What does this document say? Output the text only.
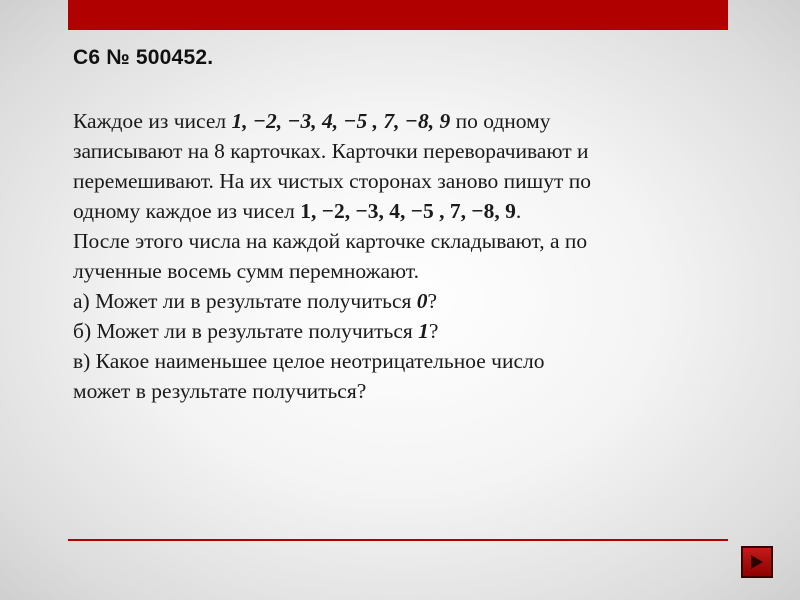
С6 № 500452.

Каждое из чисел 1, −2, −3, 4, −5 , 7, −8, 9 по одному

записывают на 8 карточках. Карточки переворачивают и

перемешивают. На их чистых сторонах заново пишут по

одному каждое из чисел 1, −2, −3, 4, −5 , 7, −8, 9.

После этого числа на каждой карточке складывают, а по

лученные восемь сумм перемножают.

а) Может ли в результате получиться 0?

б) Может ли в результате получиться 1?

в) Какое наименьшее целое неотрицательное число

может в результате получиться?
